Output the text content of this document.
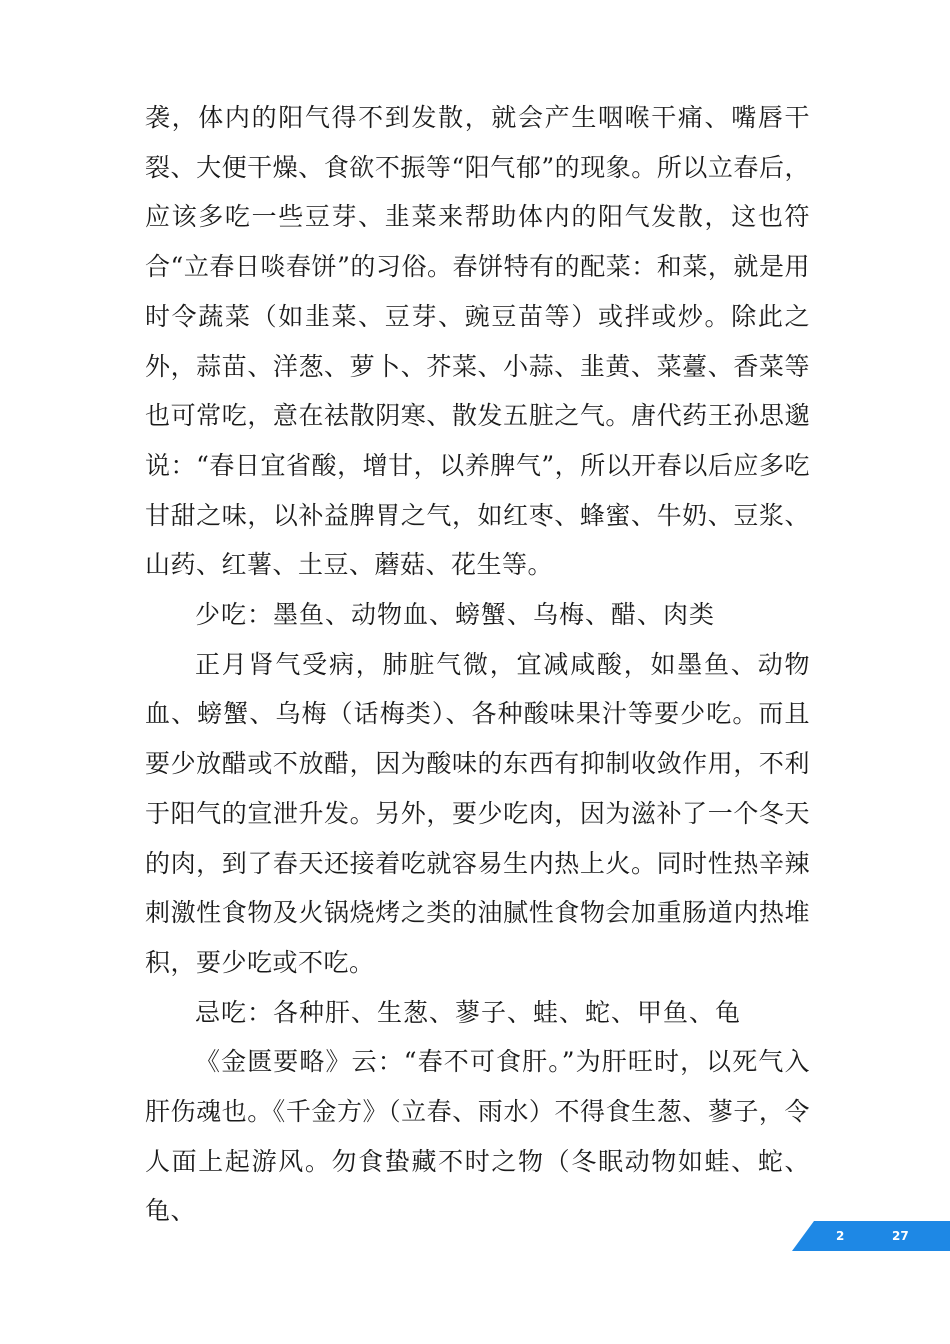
袭，体内的阳气得不到发散，就会产生咽喉干痛、嘴唇干裂、大便干燥、食欲不振等“阳气郁”的现象。所以立春后，应该多吃一些豆芽、韭菜来帮助体内的阳气发散，这也符合“立春日啖春饼”的习俗。春饼特有的配菜：和菜，就是用时令蔬菜（如韭菜、豆芽、豌豆苗等）或拌或炒。除此之外，蒜苗、洋葱、萝卜、芥菜、小蒜、韭黄、菜薹、香菜等也可常吃，意在祛散阴寒、散发五脏之气。唐代药王孙思邈说：“春日宜省酸，增甘，以养脾气”，所以开春以后应多吃甘甜之味，以补益脾胃之气，如红枣、蜂蜜、牛奶、豆浆、山药、红薯、土豆、蘑菇、花生等。

少吃：墨鱼、动物血、螃蟹、乌梅、醋、肉类

正月肾气受病，肺脏气微，宜减咸酸，如墨鱼、动物血、螃蟹、乌梅（话梅类）、各种酸味果汁等要少吃。而且要少放醋或不放醋，因为酸味的东西有抑制收敛作用，不利于阳气的宣泄升发。另外，要少吃肉，因为滋补了一个冬天的肉，到了春天还接着吃就容易生内热上火。同时性热辛辣刺激性食物及火锅烧烤之类的油腻性食物会加重肠道内热堆积，要少吃或不吃。

忌吃：各种肝、生葱、蓼子、蛙、蛇、甲鱼、龟

《金匮要略》云：“春不可食肝。”为肝旺时，以死气入肝伤魂也。《千金方》（立春、雨水）不得食生葱、蓼子，令人面上起游风。勿食蛰藏不时之物（冬眠动物如蛙、蛇、龟、

2	27
